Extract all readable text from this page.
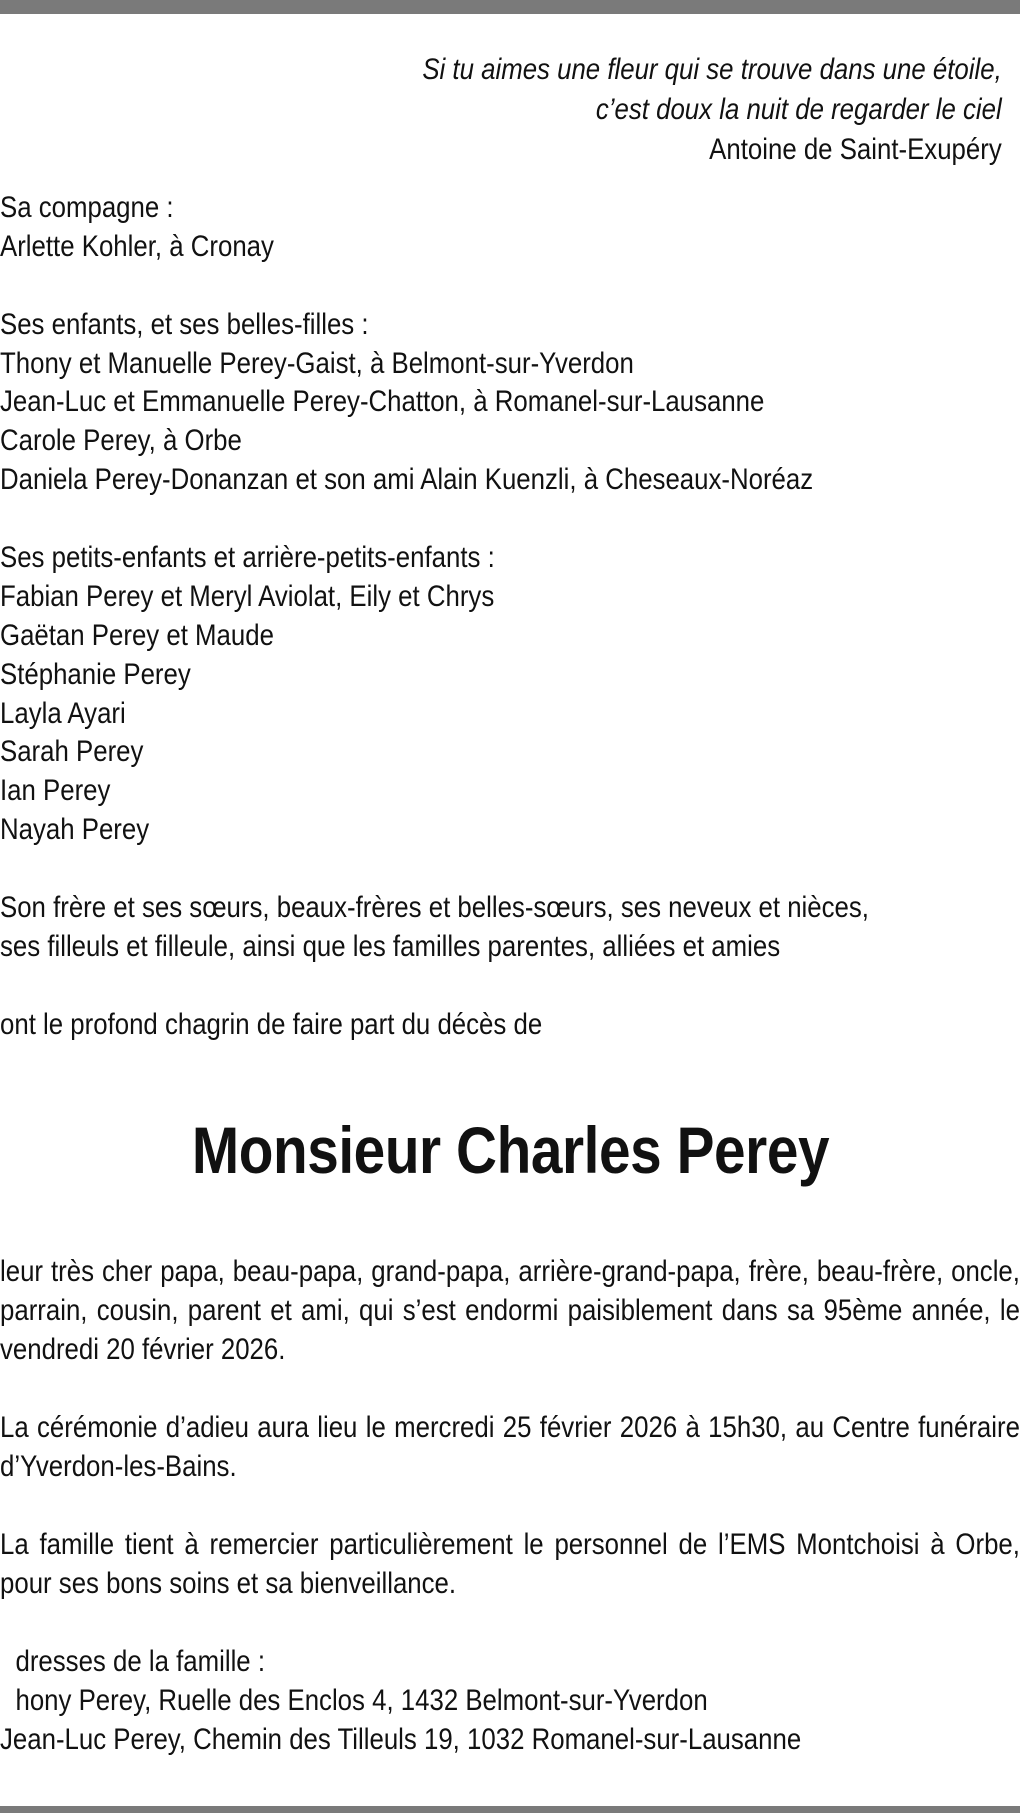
Si tu aimes une fleur qui se trouve dans une étoile,
c’est doux la nuit de regarder le ciel
Antoine de Saint-Exupéry
Sa compagne :
Arlette Kohler, à Cronay
Ses enfants, et ses belles-filles :
Thony et Manuelle Perey-Gaist, à Belmont-sur-Yverdon
Jean-Luc et Emmanuelle Perey-Chatton, à Romanel-sur-Lausanne
Carole Perey, à Orbe
Daniela Perey-Donanzan et son ami Alain Kuenzli, à Cheseaux-Noréaz
Ses petits-enfants et arrière-petits-enfants :
Fabian Perey et Meryl Aviolat, Eily et Chrys
Gaëtan Perey et Maude
Stéphanie Perey
Layla Ayari
Sarah Perey
Ian Perey
Nayah Perey
Son frère et ses sœurs, beaux-frères et belles-sœurs, ses neveux et nièces,
ses filleuls et filleule, ainsi que les familles parentes, alliées et amies
ont le profond chagrin de faire part du décès de
Monsieur Charles Perey

leur très cher papa, beau-papa, grand-papa, arrière-grand-papa, frère, beau-frère, oncle, parrain, cousin, parent et ami, qui s’est endormi paisiblement dans sa 95ème année, le vendredi 20 février 2026.

La cérémonie d’adieu aura lieu le mercredi 25 février 2026 à 15h30, au Centre funéraire d’Yverdon-les-Bains.

La famille tient à remercier particulièrement le personnel de l’EMS Montchoisi à Orbe, pour ses bons soins et sa bienveillance.

dresses de la famille :
hony Perey, Ruelle des Enclos 4, 1432 Belmont-sur-Yverdon
Jean-Luc Perey, Chemin des Tilleuls 19, 1032 Romanel-sur-Lausanne
